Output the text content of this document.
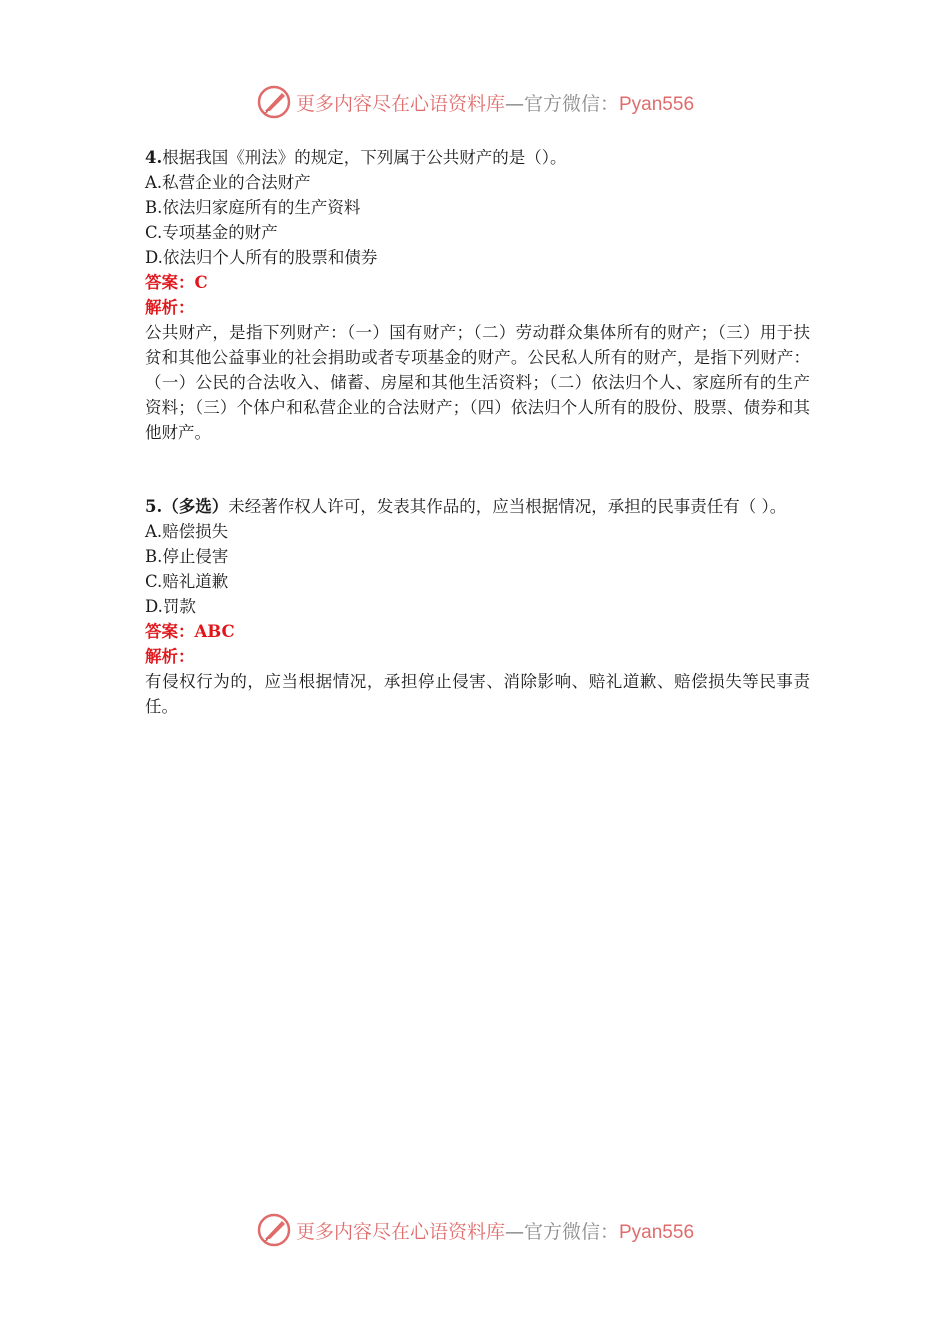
更多内容尽在心语资料库—官方微信：Pyan556
4.根据我国《刑法》的规定，下列属于公共财产的是（）。
A.私营企业的合法财产
B.依法归家庭所有的生产资料
C.专项基金的财产
D.依法归个人所有的股票和债券
答案：C
解析：
公共财产，是指下列财产：（一）国有财产；（二）劳动群众集体所有的财产；（三）用于扶贫和其他公益事业的社会捐助或者专项基金的财产。公民私人所有的财产，是指下列财产：（一）公民的合法收入、储蓄、房屋和其他生活资料；（二）依法归个人、家庭所有的生产资料；（三）个体户和私营企业的合法财产；（四）依法归个人所有的股份、股票、债券和其他财产。
5.（多选）未经著作权人许可，发表其作品的，应当根据情况，承担的民事责任有（ ）。
A.赔偿损失
B.停止侵害
C.赔礼道歉
D.罚款
答案：ABC
解析：
有侵权行为的，应当根据情况，承担停止侵害、消除影响、赔礼道歉、赔偿损失等民事责任。
更多内容尽在心语资料库—官方微信：Pyan556
